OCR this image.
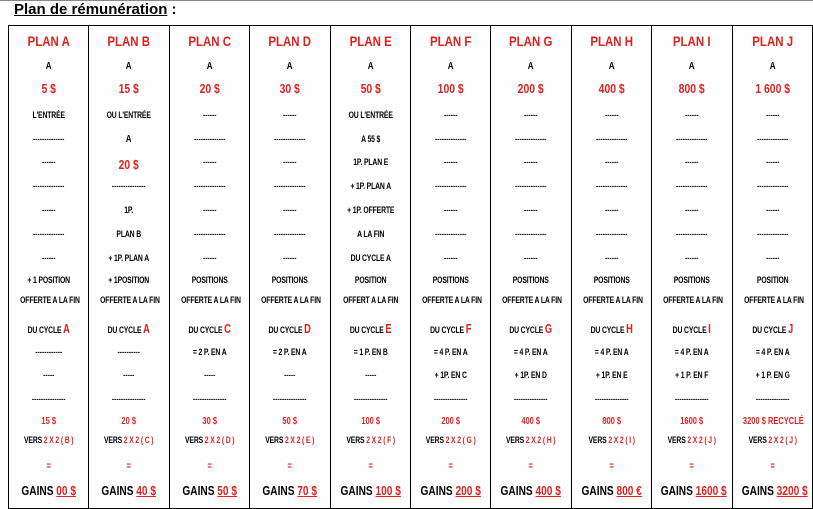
Plan de rémunération :
PLAN A
A
5 $
L'ENTRÉE
--------------
------
--------------
------
--------------
------
+ 1 POSITION
OFFERTE A LA FIN
DU CYCLE A
------------
-----
---------------
15 $
VERS 2 X 2 ( B )
=
GAINS 00 $
PLAN B
A
15 $
OU L'ENTRÉE
A
20 $
---------------
1P.
PLAN B
+ 1P. PLAN A
+ 1POSITION
OFFERTE A LA FIN
DU CYCLE A
----------
-----
---------------
20 $
VERS 2 X 2 ( C )
=
GAINS 40 $
PLAN C
A
20 $
------
--------------
------
--------------
------
--------------
------
POSITIONS
OFFERTE A LA FIN
DU CYCLE C
= 2 P. EN A
-----
---------------
30 $
VERS 2 X 2 ( D )
=
GAINS 50 $
PLAN D
A
30 $
------
--------------
------
--------------
------
--------------
------
POSITIONS
OFFERTE A LA FIN
DU CYCLE D
= 2 P. EN A
-----
---------------
50 $
VERS 2 X 2 ( E )
=
GAINS 70 $
PLAN E
A
50 $
OU L'ENTRÉE
A 55 $
1P. PLAN E
+ 1P. PLAN A
+ 1P. OFFERTE
A LA FIN
DU CYCLE A
POSITION
OFFERT A LA FIN
DU CYCLE E
= 1 P. EN B
-----
---------------
100 $
VERS 2 X 2 ( F )
=
GAINS 100 $
PLAN F
A
100 $
------
--------------
------
--------------
------
--------------
------
POSITIONS
OFFERTE A LA FIN
DU CYCLE F
= 4 P. EN A
+ 1P. EN C
---------------
200 $
VERS 2 X 2 ( G )
=
GAINS 200 $
PLAN G
A
200 $
------
--------------
------
--------------
------
--------------
------
POSITIONS
OFFERTE A LA FIN
DU CYCLE G
= 4 P. EN A
+ 1P. EN D
---------------
400 $
VERS 2 X 2 ( H )
=
GAINS 400 $
PLAN H
A
400 $
------
--------------
------
--------------
------
--------------
------
POSITIONS
OFFERTE A LA FIN
DU CYCLE H
= 4 P. EN A
+ 1P. EN E
---------------
800 $
VERS 2 X 2 ( I )
=
GAINS 800 €
PLAN I
A
800 $
------
--------------
------
--------------
------
--------------
------
POSITIONS
OFFERTE A LA FIN
DU CYCLE I
= 4 P. EN A
+ 1 P. EN F
---------------
1600 $
VERS 2 X 2 ( J )
=
GAINS 1600 $
PLAN J
A
1 600 $
------
--------------
------
--------------
------
--------------
------
POSITION
OFFERTE A LA FIN
DU CYCLE J
= 4 P. EN A
+ 1 P. EN G
---------------
3200 $ RECYCLÉ
VERS 2 X 2 ( J )
=
GAINS 3200 $
